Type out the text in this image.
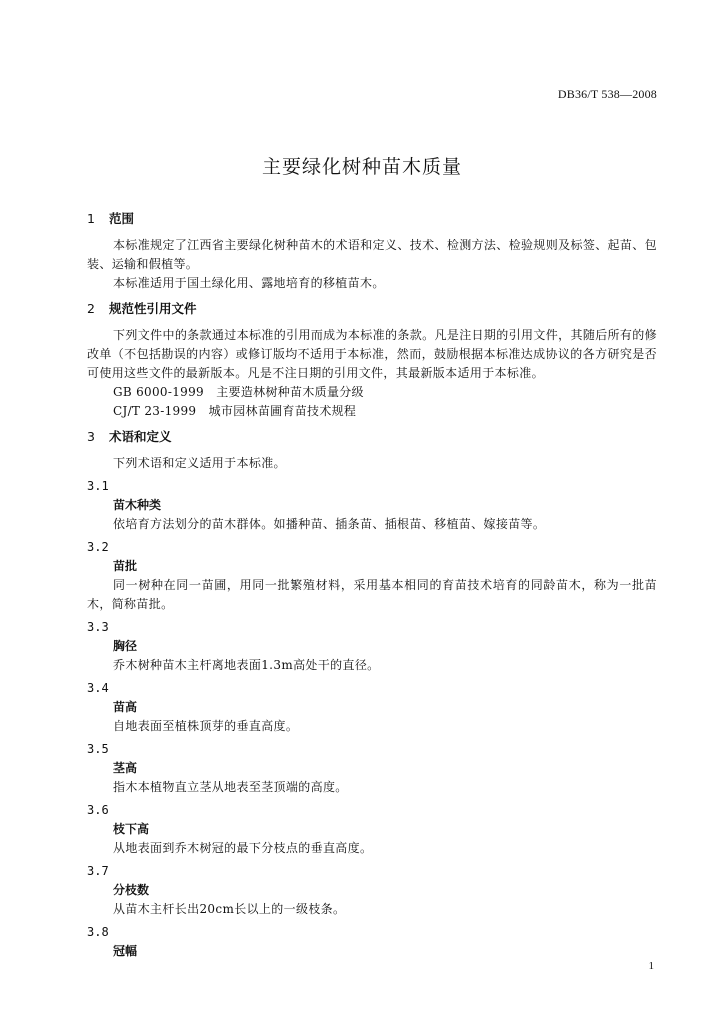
DB36/T 538—2008
主要绿化树种苗木质量
1 范围

本标准规定了江西省主要绿化树种苗木的术语和定义、技术、检测方法、检验规则及标签、起苗、包装、运输和假植等。

本标准适用于国土绿化用、露地培育的移植苗木。

2 规范性引用文件

下列文件中的条款通过本标准的引用而成为本标准的条款。凡是注日期的引用文件，其随后所有的修改单（不包括勘误的内容）或修订版均不适用于本标准，然而，鼓励根据本标准达成协议的各方研究是否可使用这些文件的最新版本。凡是不注日期的引用文件，其最新版本适用于本标准。

GB 6000-1999　主要造林树种苗木质量分级

CJ/T 23-1999　城市园林苗圃育苗技术规程

3 术语和定义

下列术语和定义适用于本标准。

3.1
苗木种类

依培育方法划分的苗木群体。如播种苗、插条苗、插根苗、移植苗、嫁接苗等。

3.2
苗批

同一树种在同一苗圃，用同一批繁殖材料，采用基本相同的育苗技术培育的同龄苗木，称为一批苗木，简称苗批。

3.3
胸径

乔木树种苗木主杆离地表面1.3m高处干的直径。

3.4
苗高

自地表面至植株顶芽的垂直高度。

3.5
茎高

指木本植物直立茎从地表至茎顶端的高度。

3.6
枝下高

从地表面到乔木树冠的最下分枝点的垂直高度。

3.7
分枝数

从苗木主杆长出20cm长以上的一级枝条。

3.8
冠幅
1
